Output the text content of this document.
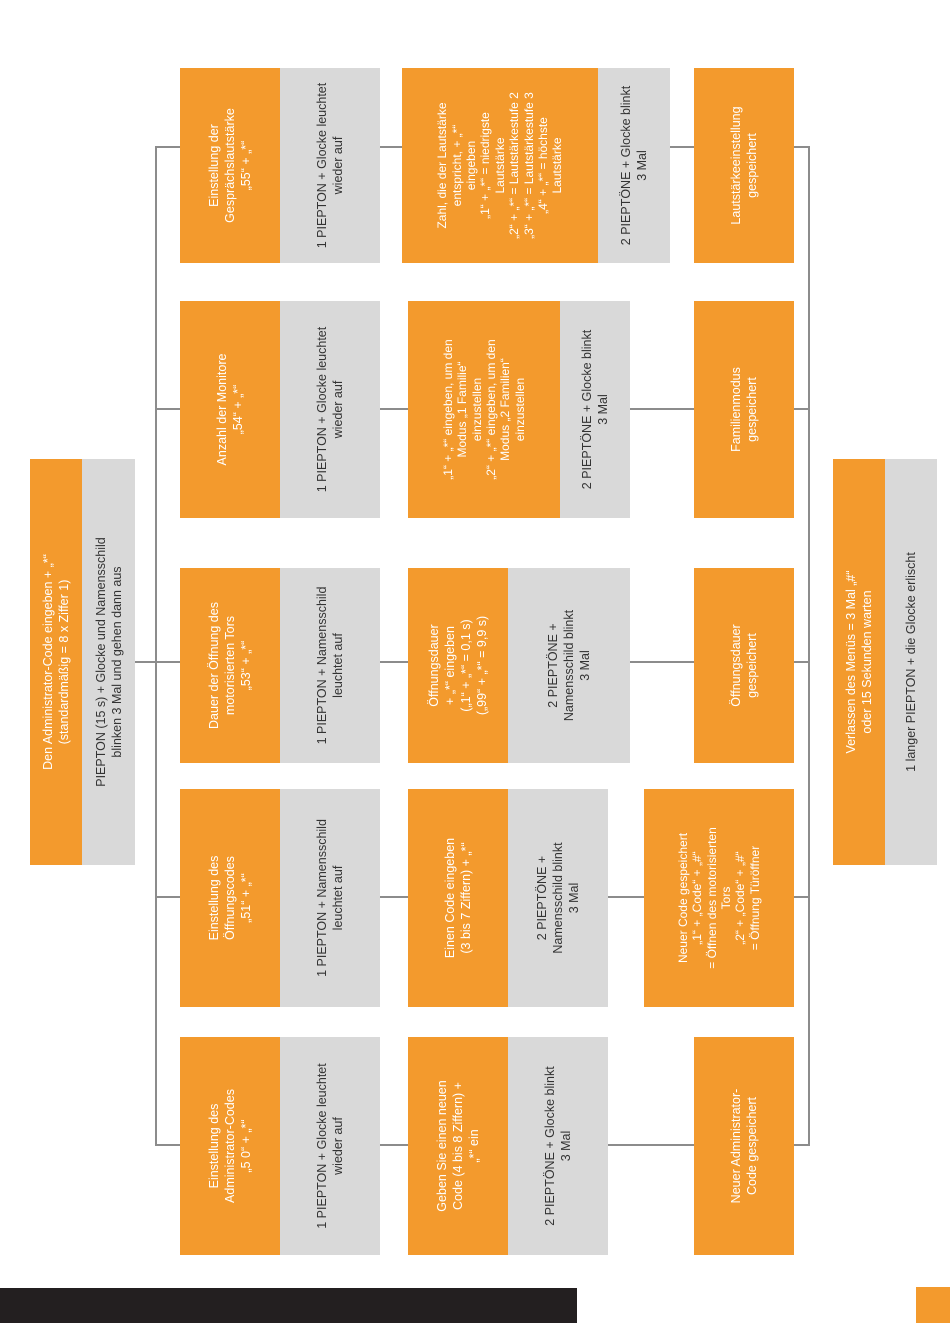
Den Administrator-Code eingeben + „*“
(standardmäßig = 8 x Ziffer 1)
PIEPTON (15 s) + Glocke und Namensschild
blinken 3 Mal und gehen dann aus
Einstellung des
Administrator-Codes
„5 0“ + „*“
1 PIEPTON + Glocke leuchtet
wieder auf
Geben Sie einen neuen
Code (4 bis 8 Ziffern) +
„*“ ein
2 PIEPTÖNE + Glocke blinkt
3 Mal
Neuer Administrator-
Code gespeichert
Einstellung des
Öffnungscodes
„51“ + „*“
1 PIEPTON + Namensschild
leuchtet auf
Einen Code eingeben
(3 bis 7 Ziffern) + „*“
2 PIEPTÖNE +
Namensschild blinkt
3 Mal
Neuer Code gespeichert
„1“ + „Code“ + „#“
= Öffnen des motorisierten
Tors
„2“ + „Code“ + „#“
= Öffnung Türöffner
Dauer der Öffnung des
motorisierten Tors
„53“ + „*“
1 PIEPTON + Namensschild
leuchtet auf	Öffnungsdauer
+ „*“ eingeben
(„1“ + „*“ = 0,1 s)
(„99“ + „*“ = 9,9 s)
2 PIEPTÖNE +
Namensschild blinkt
3 Mal	Öffnungsdauer
gespeichert
Anzahl der Monitore
„54“ + „*“
1 PIEPTON + Glocke leuchtet
wieder auf
„1“ + „*“ eingeben, um den
Modus „1 Familie“
einzustellen
„2“ + „*“ eingeben, um den
Modus „2 Familien“
einzustellen
2 PIEPTÖNE + Glocke blinkt
3 Mal	Familienmodus
gespeichert
Einstellung der
Gesprächslautstärke
„55“ + „*“
1 PIEPTON + Glocke leuchtet
wieder auf
Zahl, die der Lautstärke
entspricht, + „*“
eingeben
„1“ + „*“ = niedrigste
Lautstärke
„2“ + „*“ = Lautstärkestufe 2
„3“ + „*“ = Lautstärkestufe 3
„4“ + „*“ = höchste
Lautstärke
2 PIEPTÖNE + Glocke blinkt
3 Mal	Lautstärkeeinstellung
gespeichert
Verlassen des Menüs = 3 Mal „#“
oder 15 Sekunden warten	1 langer PIEPTON + die Glocke erlischt
